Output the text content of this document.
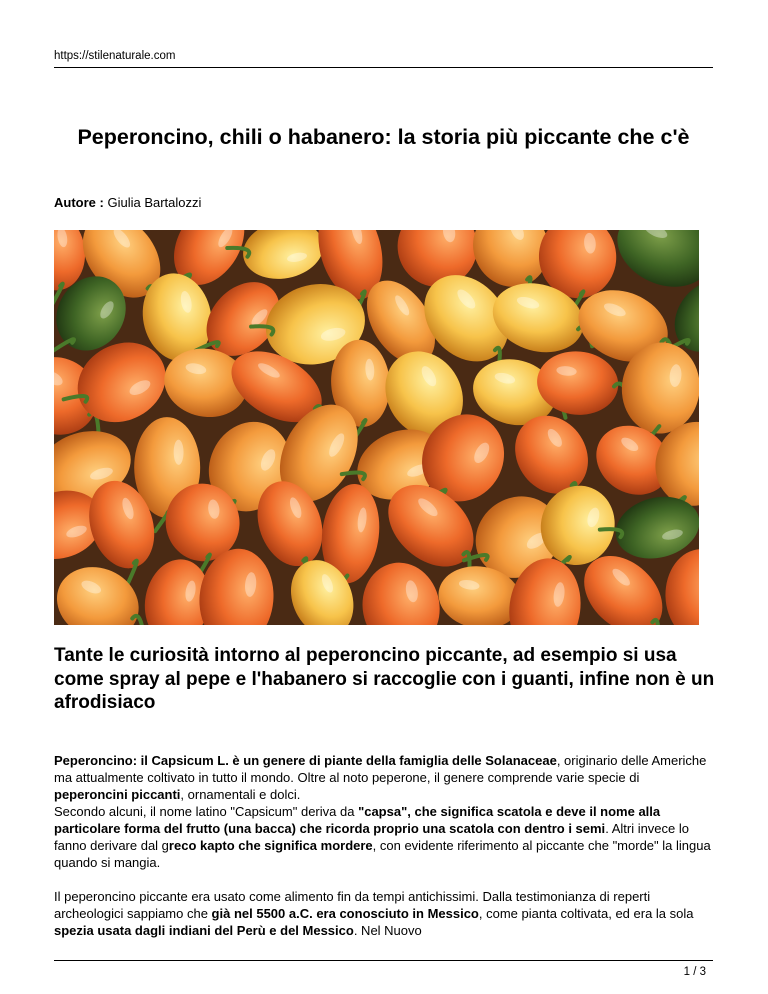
https://stilenaturale.com
Peperoncino, chili o habanero: la storia più piccante che c'è
Autore : Giulia Bartalozzi
Tante le curiosità intorno al peperoncino piccante, ad esempio si usa come spray al pepe e l'habanero si raccoglie con i guanti, infine non è un afrodisiaco

Peperoncino: il Capsicum L. è un genere di piante della famiglia delle Solanaceae, originario delle Americhe ma attualmente coltivato in tutto il mondo. Oltre al noto peperone, il genere comprende varie specie di peperoncini piccanti, ornamentali e dolci.
Secondo alcuni, il nome latino "Capsicum" deriva da "capsa", che significa scatola e deve il nome alla particolare forma del frutto (una bacca) che ricorda proprio una scatola con dentro i semi. Altri invece lo fanno derivare dal greco kapto che significa mordere, con evidente riferimento al piccante che "morde" la lingua quando si mangia.

Il peperoncino piccante era usato come alimento fin da tempi antichissimi. Dalla testimonianza di reperti archeologici sappiamo che già nel 5500 a.C. era conosciuto in Messico, come pianta coltivata, ed era la sola spezia usata dagli indiani del Perù e del Messico. Nel Nuovo

1 / 3
